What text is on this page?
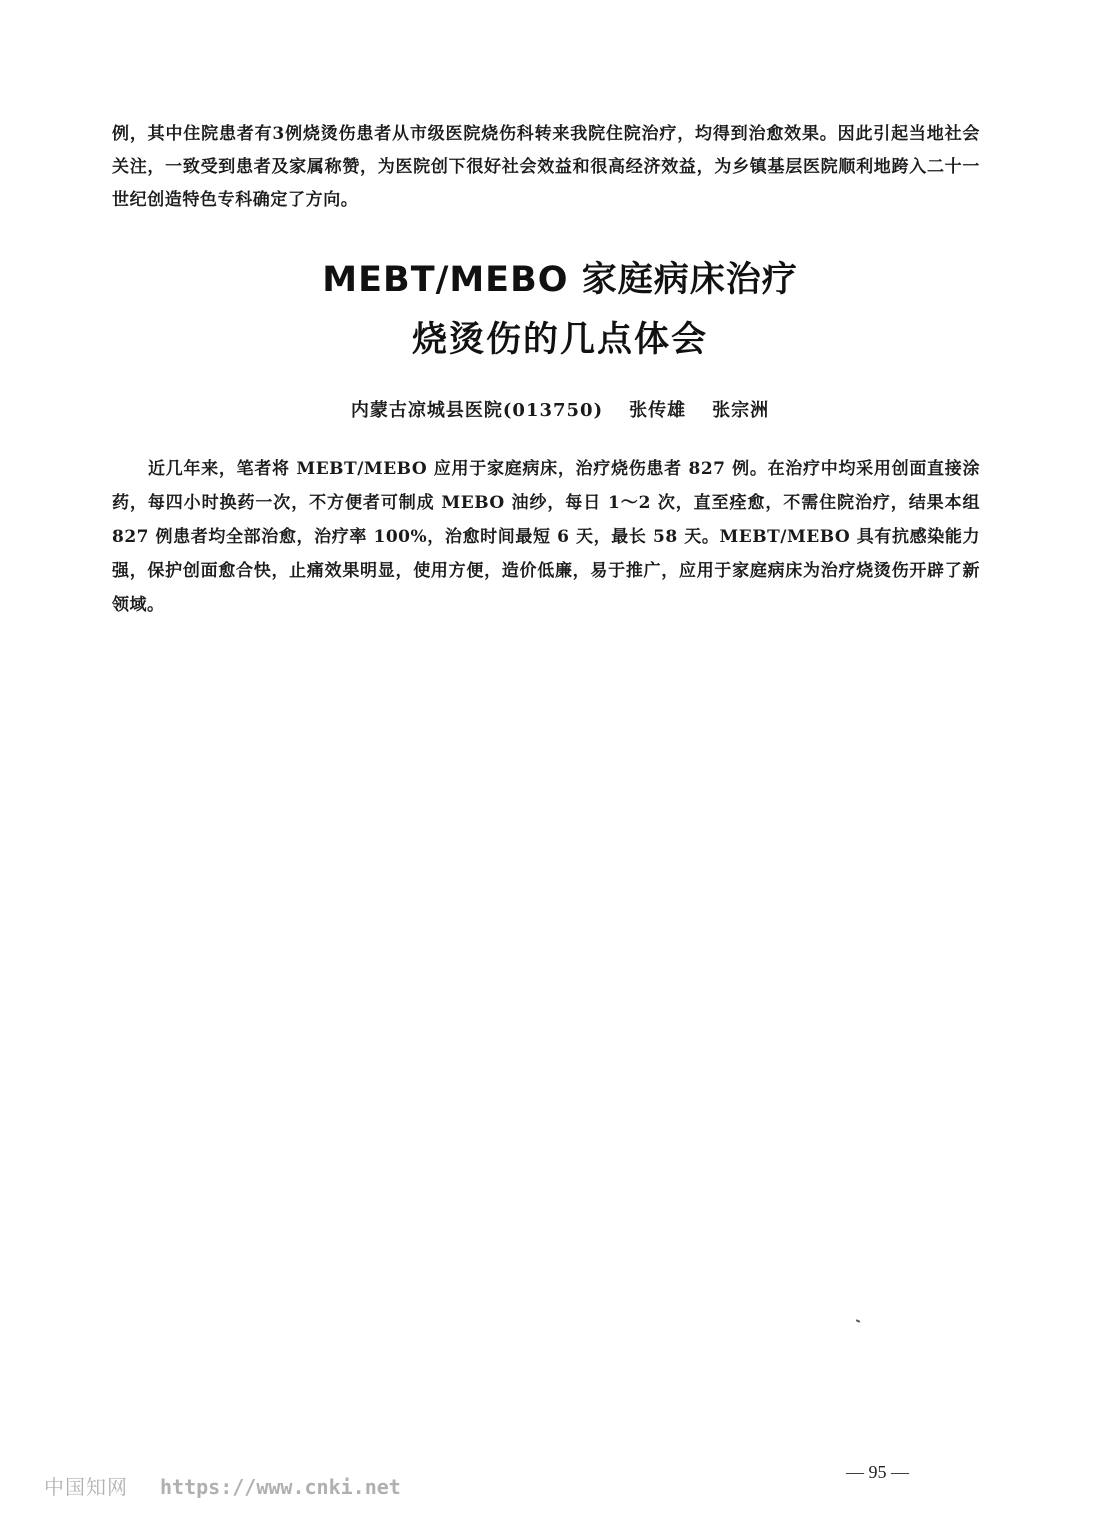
例，其中住院患者有3例烧烫伤患者从市级医院烧伤科转来我院住院治疗，均得到治愈效果。因此引起当地社会关注，一致受到患者及家属称赞，为医院创下很好社会效益和很高经济效益，为乡镇基层医院顺利地跨入二十一世纪创造特色专科确定了方向。
MEBT/MEBO 家庭病床治疗
烧烫伤的几点体会
内蒙古凉城县医院(013750) 张传雄 张宗洲
近几年来，笔者将 MEBT/MEBO 应用于家庭病床，治疗烧伤患者 827 例。在治疗中均采用创面直接涂药，每四小时换药一次，不方便者可制成 MEBO 油纱，每日 1～2 次，直至痊愈，不需住院治疗，结果本组 827 例患者均全部治愈，治疗率 100%，治愈时间最短 6 天，最长 58 天。MEBT/MEBO 具有抗感染能力强，保护创面愈合快，止痛效果明显，使用方便，造价低廉，易于推广，应用于家庭病床为治疗烧烫伤开辟了新领域。
— 95 —
中国知网 https://www.cnki.net
